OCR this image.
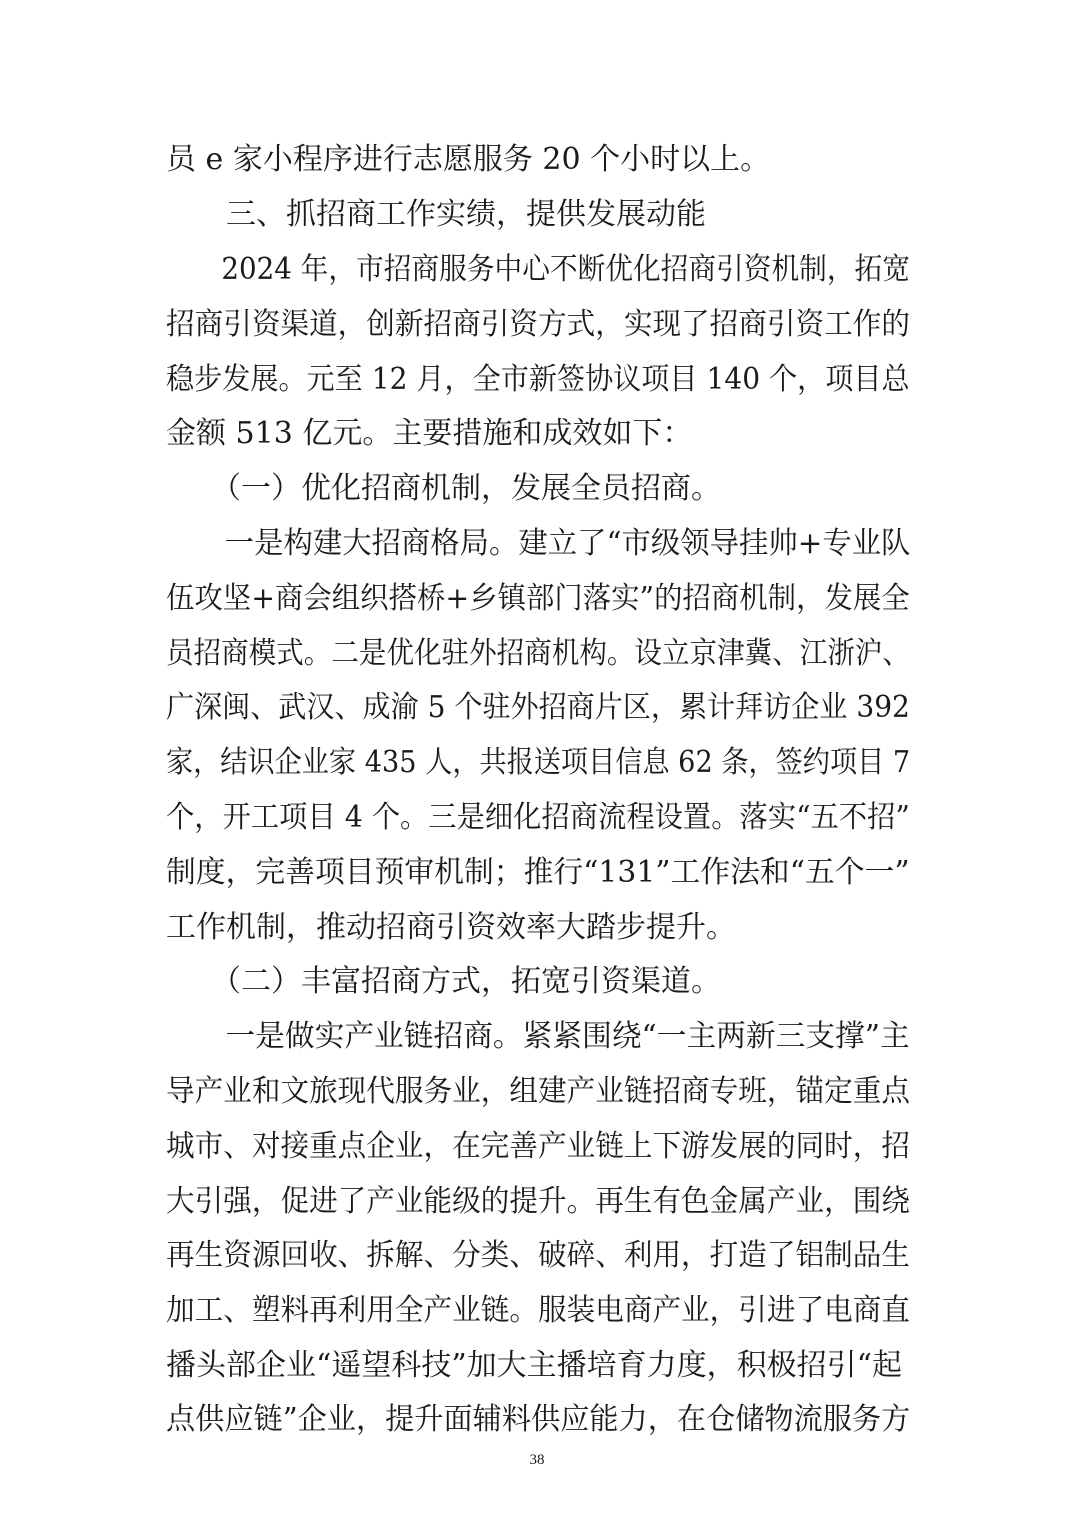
员 e 家小程序进行志愿服务 20 个小时以上。
　　三、抓招商工作实绩，提供发展动能
　　2024 年，市招商服务中心不断优化招商引资机制，拓宽
招商引资渠道，创新招商引资方式，实现了招商引资工作的
稳步发展。元至 12 月，全市新签协议项目 140 个，项目总
金额 513 亿元。主要措施和成效如下：
　　（一）优化招商机制，发展全员招商。
　　一是构建大招商格局。建立了“市级领导挂帅+专业队
伍攻坚+商会组织搭桥+乡镇部门落实”的招商机制，发展全
员招商模式。二是优化驻外招商机构。设立京津冀、江浙沪、
广深闽、武汉、成渝 5 个驻外招商片区，累计拜访企业 392
家，结识企业家 435 人，共报送项目信息 62 条，签约项目 7
个，开工项目 4 个。三是细化招商流程设置。落实“五不招”
制度，完善项目预审机制；推行“131”工作法和“五个一”
工作机制，推动招商引资效率大踏步提升。
　　（二）丰富招商方式，拓宽引资渠道。
　　一是做实产业链招商。紧紧围绕“一主两新三支撑”主
导产业和文旅现代服务业，组建产业链招商专班，锚定重点
城市、对接重点企业，在完善产业链上下游发展的同时，招
大引强，促进了产业能级的提升。再生有色金属产业，围绕
再生资源回收、拆解、分类、破碎、利用，打造了铝制品生
加工、塑料再利用全产业链。服装电商产业，引进了电商直
播头部企业“遥望科技”加大主播培育力度，积极招引“起
点供应链”企业，提升面辅料供应能力，在仓储物流服务方
38
